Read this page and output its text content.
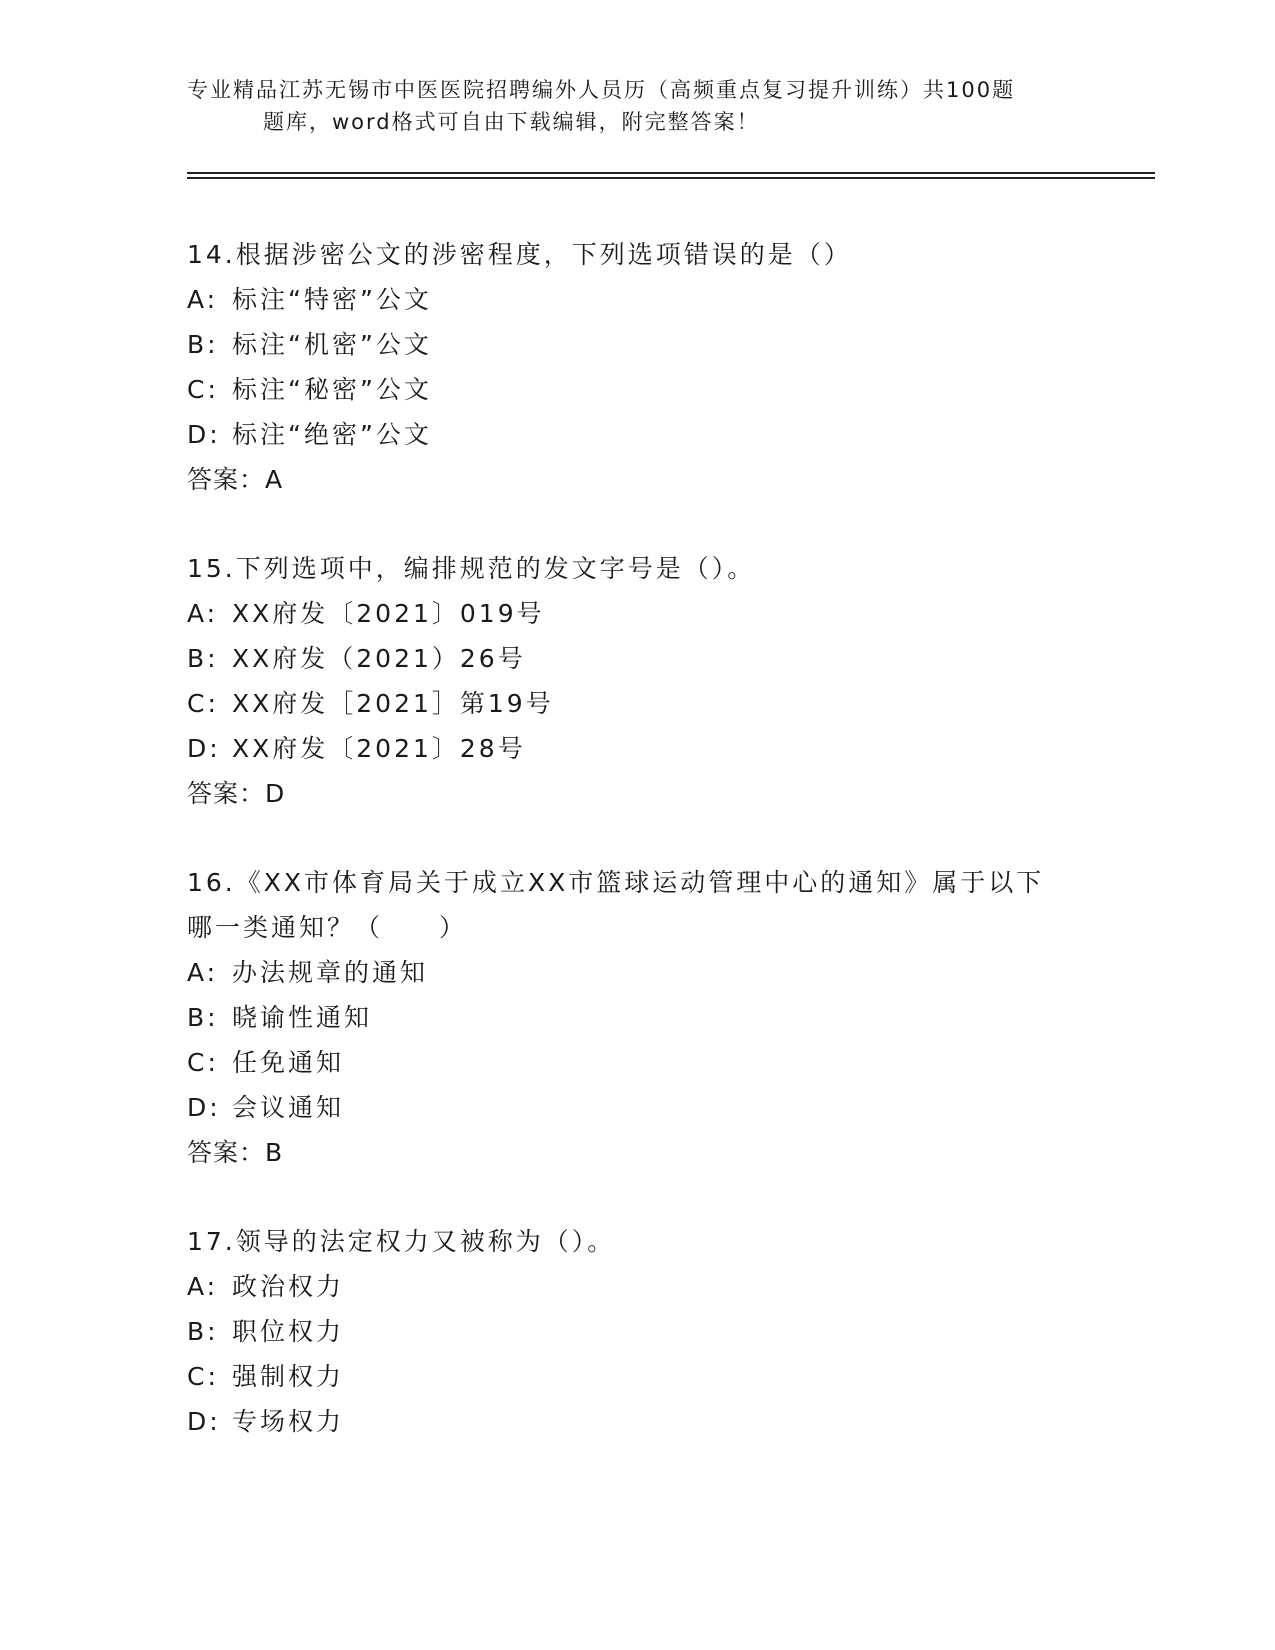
专业精品江苏无锡市中医医院招聘编外人员历（高频重点复习提升训练）共100题
题库，word格式可自由下载编辑，附完整答案！
14.根据涉密公文的涉密程度，下列选项错误的是（）
A: 标注“特密”公文
B: 标注“机密”公文
C: 标注“秘密”公文
D: 标注“绝密”公文
答案：A
15.下列选项中，编排规范的发文字号是（）。
A: XX府发〔2021〕019号
B: XX府发（2021）26号
C: XX府发［2021］第19号
D: XX府发〔2021〕28号
答案：D
16.《XX市体育局关于成立XX市篮球运动管理中心的通知》属于以下
哪一类通知？（　　）
A: 办法规章的通知
B: 晓谕性通知
C: 任免通知
D: 会议通知
答案：B
17.领导的法定权力又被称为（）。
A: 政治权力
B: 职位权力
C: 强制权力
D: 专场权力
